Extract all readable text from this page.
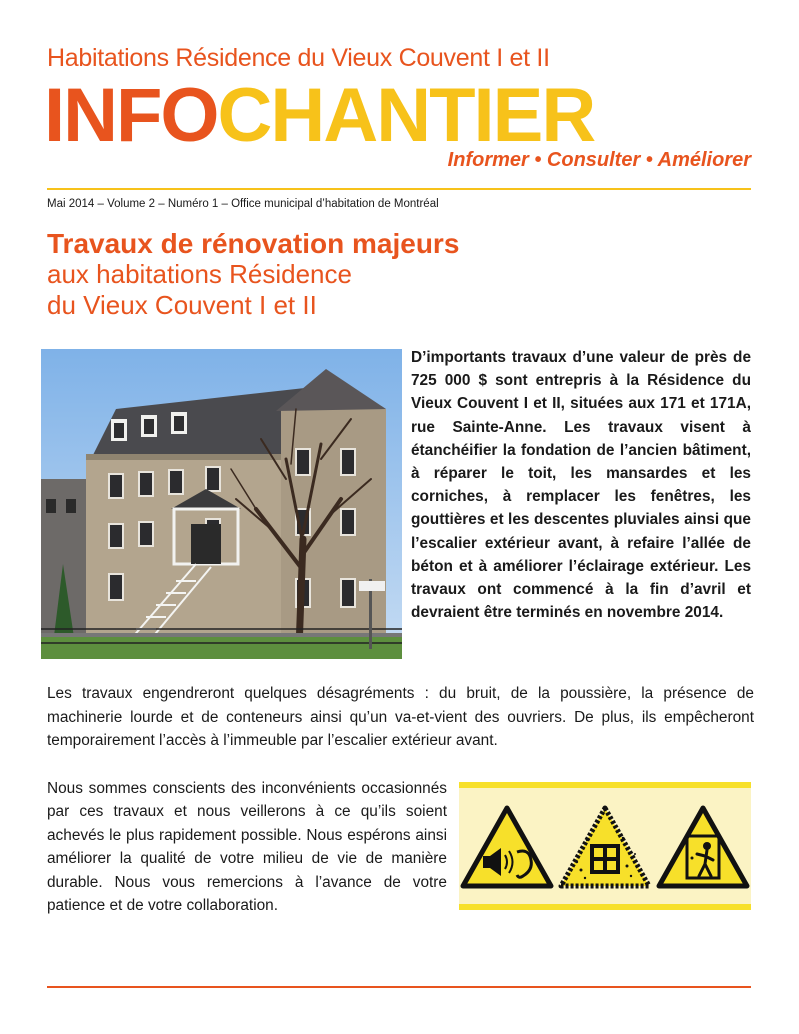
Habitations Résidence du Vieux Couvent I et II
INFOCHANTIER
Informer • Consulter • Améliorer
Mai 2014 – Volume 2 – Numéro 1 – Office municipal d’habitation de Montréal
Travaux de rénovation majeurs
aux habitations Résidence
du Vieux Couvent I et II
D’importants travaux d’une valeur de près de 725 000 $ sont entrepris à la Résidence du Vieux Couvent I et II, situées aux 171 et 171A, rue Sainte-Anne. Les travaux visent à étanchéifier la fondation de l’ancien bâtiment, à réparer le toit, les mansardes et les corniches, à remplacer les fenêtres, les gouttières et les descentes pluviales ainsi que l’escalier extérieur avant, à refaire l’allée de béton et à améliorer l’éclairage extérieur. Les travaux ont commencé à la fin d’avril et devraient être terminés en novembre 2014.
Les travaux engendreront quelques désagréments : du bruit, de la poussière, la présence de machinerie lourde et de conteneurs ainsi qu’un va-et-vient des ouvriers. De plus, ils empêcheront temporairement l’accès à l’immeuble par l’escalier extérieur avant.
Nous sommes conscients des inconvénients occasionnés par ces travaux et nous veillerons à ce qu’ils soient achevés le plus rapidement possible. Nous espérons ainsi améliorer la qualité de votre milieu de vie de manière durable. Nous vous remercions à l’avance de votre patience et de votre collaboration.
